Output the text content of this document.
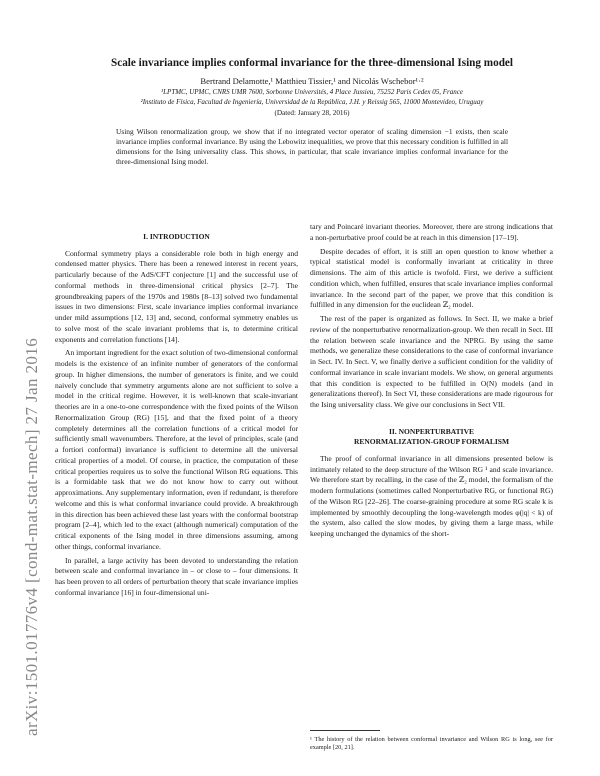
arXiv:1501.01776v4 [cond-mat.stat-mech] 27 Jan 2016
Scale invariance implies conformal invariance for the three-dimensional Ising model
Bertrand Delamotte,¹ Matthieu Tissier,¹ and Nicolás Wschebor¹·²
¹LPTMC, UPMC, CNRS UMR 7600, Sorbonne Universités, 4 Place Jussieu, 75252 Paris Cedex 05, France
²Instituto de Física, Facultad de Ingeniería, Universidad de la República, J.H. y Reissig 565, 11000 Montevideo, Uruguay
(Dated: January 28, 2016)
Using Wilson renormalization group, we show that if no integrated vector operator of scaling dimension −1 exists, then scale invariance implies conformal invariance. By using the Lebowitz inequalities, we prove that this necessary condition is fulfilled in all dimensions for the Ising universality class. This shows, in particular, that scale invariance implies conformal invariance for the three-dimensional Ising model.
I. INTRODUCTION

Conformal symmetry plays a considerable role both in high energy and condensed matter physics. There has been a renewed interest in recent years, particularly because of the AdS/CFT conjecture [1] and the successful use of conformal methods in three-dimensional critical physics [2–7]. The groundbreaking papers of the 1970s and 1980s [8–13] solved two fundamental issues in two dimensions: First, scale invariance implies conformal invariance under mild assumptions [12, 13] and, second, conformal symmetry enables us to solve most of the scale invariant problems that is, to determine critical exponents and correlation functions [14].

An important ingredient for the exact solution of two-dimensional conformal models is the existence of an infinite number of generators of the conformal group. In higher dimensions, the number of generators is finite, and we could naively conclude that symmetry arguments alone are not sufficient to solve a model in the critical regime. However, it is well-known that scale-invariant theories are in a one-to-one correspondence with the fixed points of the Wilson Renormalization Group (RG) [15], and that the fixed point of a theory completely determines all the correlation functions of a critical model for sufficiently small wavenumbers. Therefore, at the level of principles, scale (and a fortiori conformal) invariance is sufficient to determine all the universal critical properties of a model. Of course, in practice, the computation of these critical properties requires us to solve the functional Wilson RG equations. This is a formidable task that we do not know how to carry out without approximations. Any supplementary information, even if redundant, is therefore welcome and this is what conformal invariance could provide. A breakthrough in this direction has been achieved these last years with the conformal bootstrap program [2–4], which led to the exact (although numerical) computation of the critical exponents of the Ising model in three dimensions assuming, among other things, conformal invariance.

In parallel, a large activity has been devoted to understanding the relation between scale and conformal invariance in – or close to – four dimensions. It has been proven to all orders of perturbation theory that scale invariance implies conformal invariance [16] in four-dimensional uni-

tary and Poincaré invariant theories. Moreover, there are strong indications that a non-perturbative proof could be at reach in this dimension [17–19].

Despite decades of effort, it is still an open question to know whether a typical statistical model is conformally invariant at criticality in three dimensions. The aim of this article is twofold. First, we derive a sufficient condition which, when fulfilled, ensures that scale invariance implies conformal invariance. In the second part of the paper, we prove that this condition is fulfilled in any dimension for the euclidean ℤ₂ model.

The rest of the paper is organized as follows. In Sect. II, we make a brief review of the nonperturbative renormalization-group. We then recall in Sect. III the relation between scale invariance and the NPRG. By using the same methods, we generalize these considerations to the case of conformal invariance in Sect. IV. In Sect. V, we finally derive a sufficient condition for the validity of conformal invariance in scale invariant models. We show, on general arguments that this condition is expected to be fulfilled in O(N) models (and in generalizations thereof). In Sect VI, these considerations are made rigourous for the Ising universality class. We give our conclusions in Sect VII.

II. NONPERTURBATIVE
RENORMALIZATION-GROUP FORMALISM

The proof of conformal invariance in all dimensions presented below is intimately related to the deep structure of the Wilson RG ¹ and scale invariance. We therefore start by recalling, in the case of the ℤ₂ model, the formalism of the modern formulations (sometimes called Nonperturbative RG, or functional RG) of the Wilson RG [22–26]. The coarse-graining procedure at some RG scale k is implemented by smoothly decoupling the long-wavelength modes φ(|q| < k) of the system, also called the slow modes, by giving them a large mass, while keeping unchanged the dynamics of the short-

¹ The history of the relation between conformal invariance and Wilson RG is long, see for example [20, 21].
